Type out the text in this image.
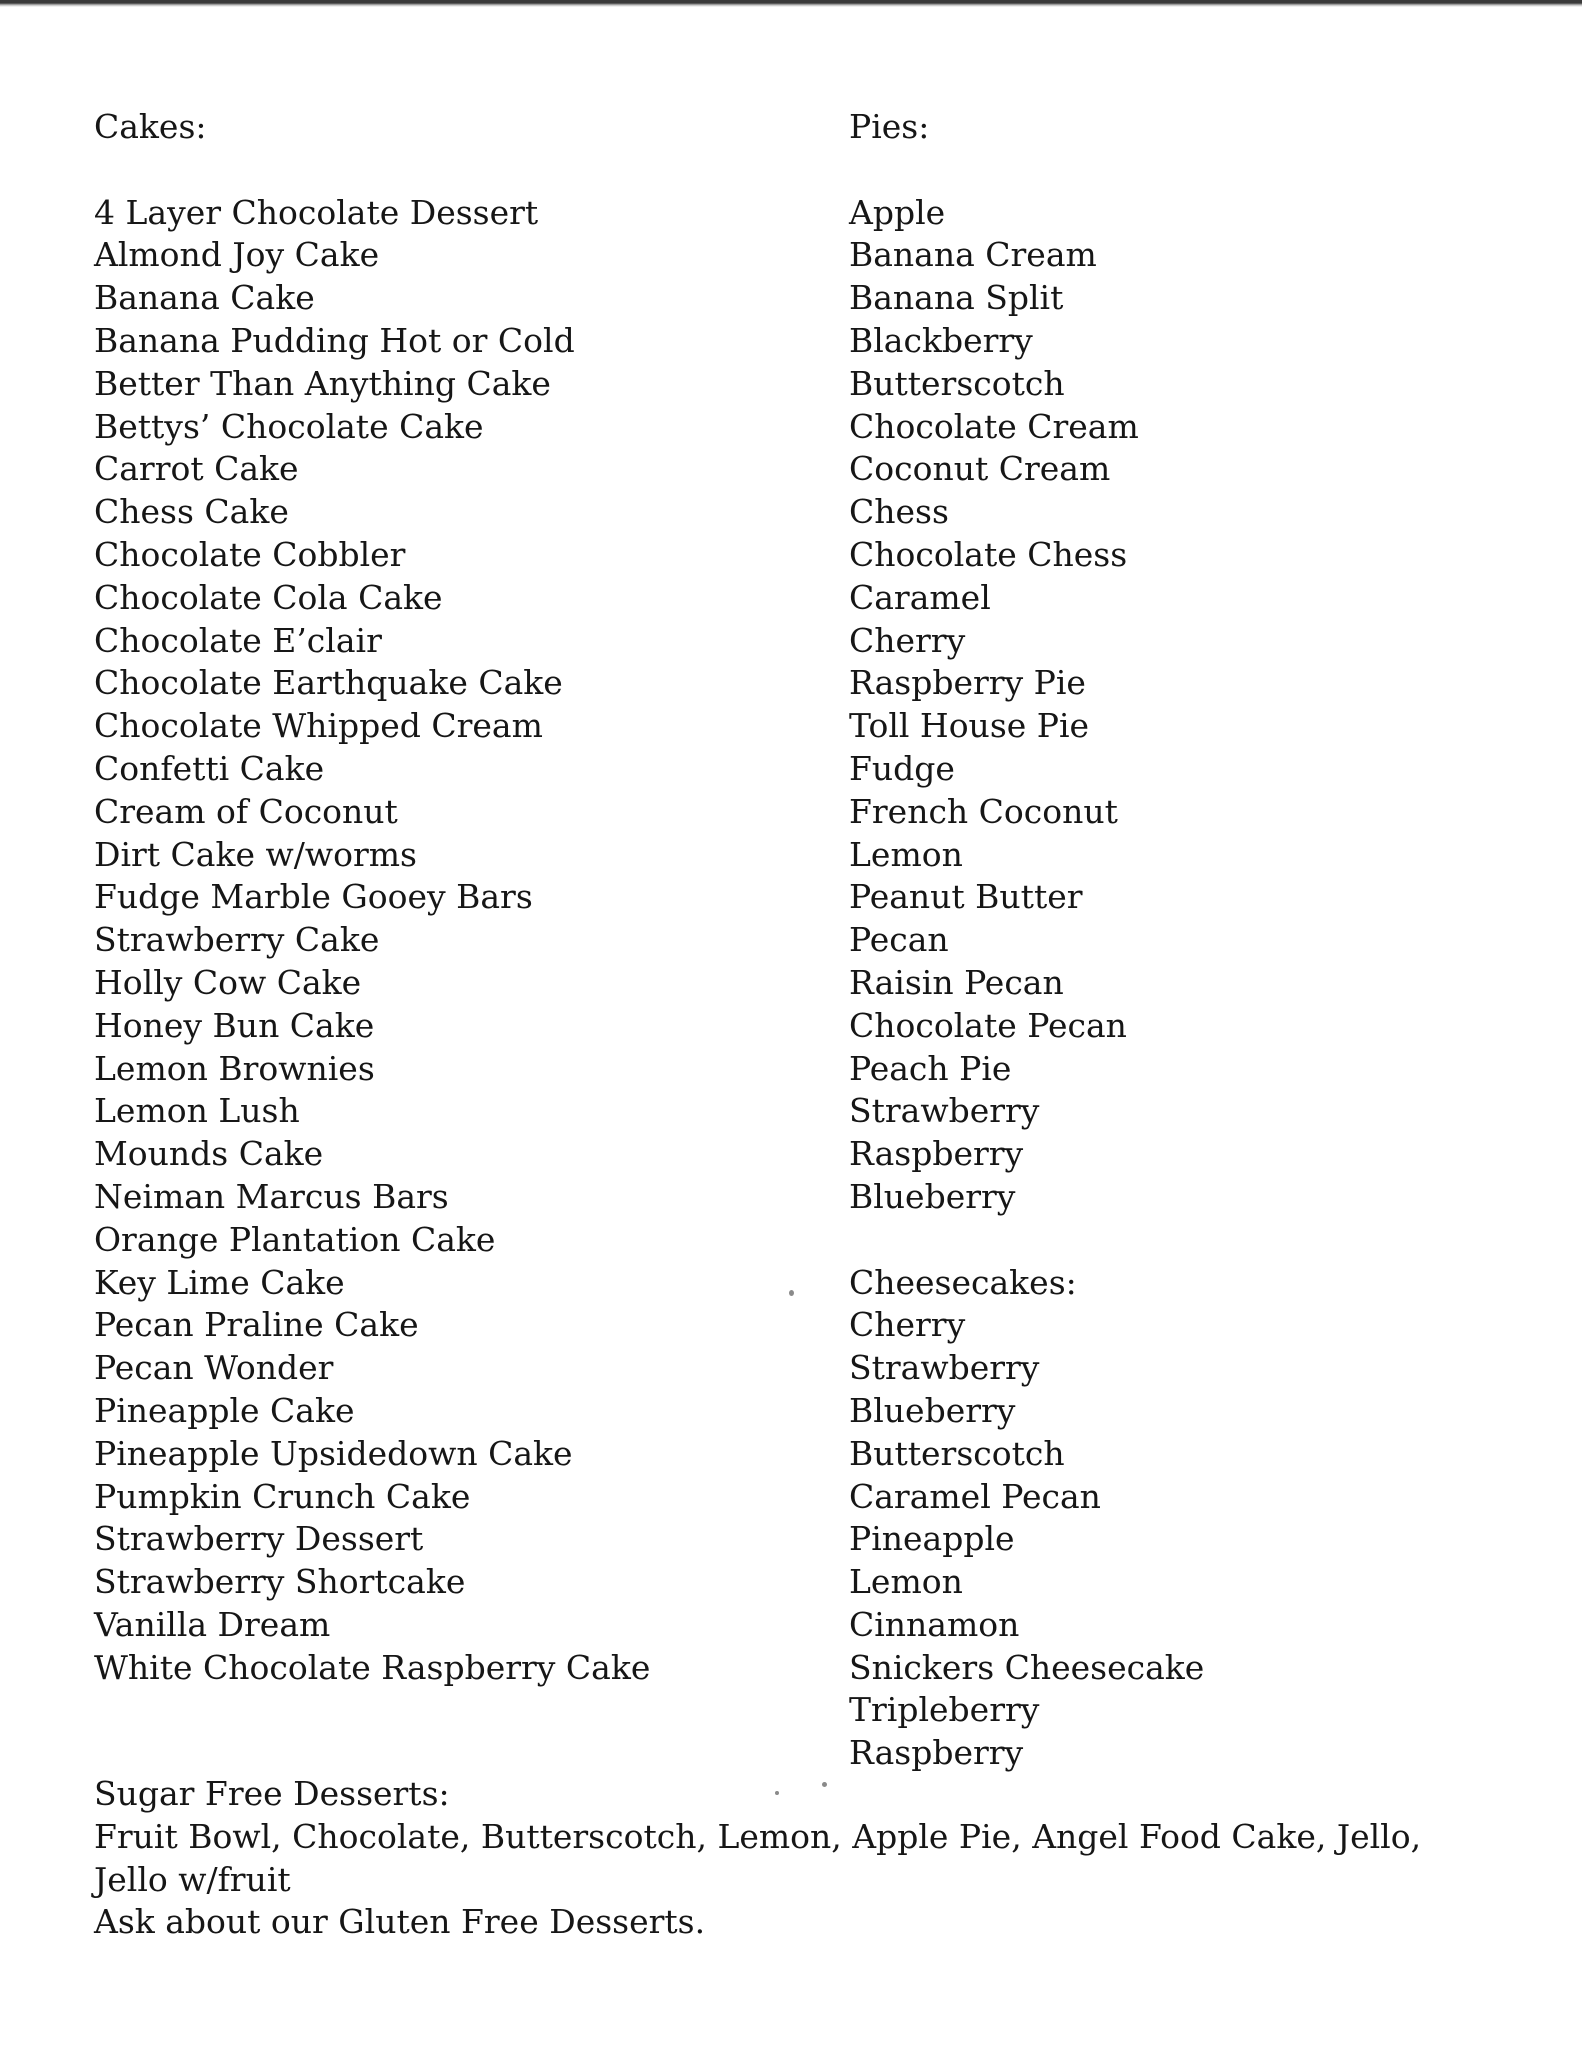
Cakes:
4 Layer Chocolate Dessert
Almond Joy Cake
Banana Cake
Banana Pudding Hot or Cold
Better Than Anything Cake
Bettys’ Chocolate Cake
Carrot Cake
Chess Cake
Chocolate Cobbler
Chocolate Cola Cake
Chocolate E’clair
Chocolate Earthquake Cake
Chocolate Whipped Cream
Confetti Cake
Cream of Coconut
Dirt Cake w/worms
Fudge Marble Gooey Bars
Strawberry Cake
Holly Cow Cake
Honey Bun Cake
Lemon Brownies
Lemon Lush
Mounds Cake
Neiman Marcus Bars
Orange Plantation Cake
Key Lime Cake
Pecan Praline Cake
Pecan Wonder
Pineapple Cake
Pineapple Upsidedown Cake
Pumpkin Crunch Cake
Strawberry Dessert
Strawberry Shortcake
Vanilla Dream
White Chocolate Raspberry Cake
Pies:
Apple
Banana Cream
Banana Split
Blackberry
Butterscotch
Chocolate Cream
Coconut Cream
Chess
Chocolate Chess
Caramel
Cherry
Raspberry Pie
Toll House Pie
Fudge
French Coconut
Lemon
Peanut Butter
Pecan
Raisin Pecan
Chocolate Pecan
Peach Pie
Strawberry
Raspberry
Blueberry
Cheesecakes:
Cherry
Strawberry
Blueberry
Butterscotch
Caramel Pecan
Pineapple
Lemon
Cinnamon
Snickers Cheesecake
Tripleberry
Raspberry
Sugar Free Desserts:
Fruit Bowl, Chocolate, Butterscotch, Lemon, Apple Pie, Angel Food Cake, Jello,
Jello w/fruit
Ask about our Gluten Free Desserts.
